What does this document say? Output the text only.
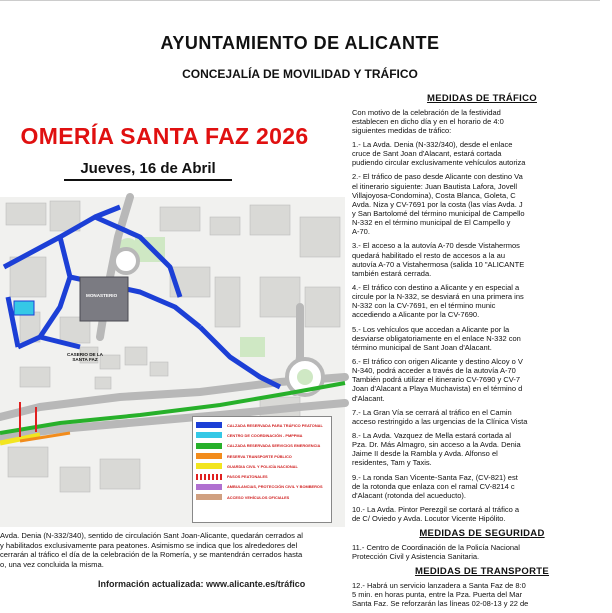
AYUNTAMIENTO DE ALICANTE
CONCEJALÍA DE MOVILIDAD Y TRÁFICO
OMERÍA SANTA FAZ 2026
Jueves, 16 de Abril
MONASTERIO
CASERIO DE LA SANTA FAZ
CALZADA RESERVADA PARA TRÁFICO PEATONAL
CENTRO DE COORDINACIÓN - PMPPMA
CALZADA RESERVADA SERVICIOS EMERGENCIA
RESERVA TRANSPORTE PÚBLICO
GUARDIA CIVIL Y POLICÍA NACIONAL
PASOS PEATONALES
AMBULANCIAS, PROTECCIÓN CIVIL Y BOMBEROS
ACCESO VEHÍCULOS OFICIALES
Avda. Denia (N-332/340), sentido de circulación Sant Joan-Alicante, quedarán cerrados al
y habilitados exclusivamente para peatones. Asimismo se indica que los alrededores del
cerrarán al tráfico el día de la celebración de la Romería, y se mantendrán cerrados hasta
o, una vez concluida la misma.
Información actualizada: www.alicante.es/tráfico
MEDIDAS DE TRÁFICO
Con motivo de la celebración de la festividad
establecen en dicho día y en el horario de 4:0
siguientes medidas de tráfico:
1.- La Avda. Denia (N-332/340), desde el enlace
cruce de Sant Joan d'Alacant, estará cortada
pudiendo circular exclusivamente vehículos autoriza
2.- El tráfico de paso desde Alicante con destino Va
el itinerario siguiente: Juan Bautista Lafora, Jovell
Villajoyosa-Condomina), Costa Blanca, Goleta, C
Avda. Niza y CV-7691 por la costa (las vías Avda. J
y San Bartolomé del término municipal de Campello
N-332 en el término municipal de El Campello y
A-70.
3.- El acceso a la autovía A-70 desde Vistahermos
quedará habilitado el resto de accesos a la au
autovía A-70 a Vistahermosa (salida 10 "ALICANTE
también estará cerrada.
4.- El tráfico con destino a Alicante y en especial a
circule por la N-332, se desviará en una primera ins
N-332 con la CV-7691, en el término munic
accediendo a Alicante por la CV-7690.
5.- Los vehículos que accedan a Alicante por la
desviarse obligatoriamente en el enlace N-332 con
término municipal de Sant Joan d'Alacant.
6.- El tráfico con origen Alicante y destino Alcoy o V
N-340, podrá acceder a través de la autovía A-70
También podrá utilizar el itinerario CV-7690 y CV-7
Joan d'Alacant a Playa Muchavista) en el término d
d'Alacant.
7.- La Gran Vía se cerrará al tráfico en el Camin
acceso restringido a las urgencias de la Clínica Vista
8.- La Avda. Vazquez de Mella estará cortada al
Pza. Dr. Más Almagro, sin acceso a la Avda. Denia
Jaime II desde la Rambla y Avda. Alfonso el
residentes, Tam y Taxis.
9.- La ronda San Vicente-Santa Faz, (CV-821) est
de la rotonda que enlaza con el ramal CV-8214 c
d'Alacant (rotonda del acueducto).
10.- La Avda. Pintor Perezgil se cortará al tráfico a
de C/ Oviedo y Avda. Locutor Vicente Hipólito.
MEDIDAS DE SEGURIDAD
11.- Centro de Coordinación de la Policía Nacional
Protección Civil y Asistencia Sanitaria.
MEDIDAS DE TRANSPORTE
12.- Habrá un servicio lanzadera a Santa Faz de 8:0
5 min. en horas punta, entre la Pza. Puerta del Mar
Santa Faz. Se reforzarán las líneas 02-08-13 y 22 de
